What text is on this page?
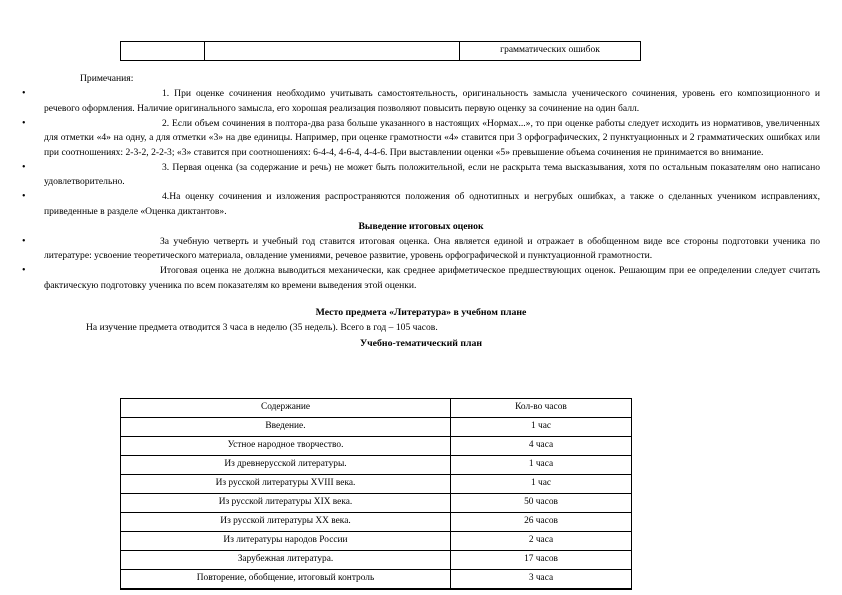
		грамматических ошибок

Примечания:

• 1. При оценке сочинения необходимо учитывать самостоятельность, оригинальность замысла ученического сочинения, уровень его композиционного и речевого оформления. Наличие оригинального замысла, его хорошая реализация позволяют повысить первую оценку за сочинение на один балл.
• 2. Если объем сочинения в полтора-два раза больше указанного в настоящих «Нормах...», то при оценке работы следует исходить из нормативов, увеличенных для отметки «4» на одну, а для отметки «3» на две единицы. Например, при оценке грамотности «4» ставится при 3 орфографических, 2 пунктуационных и 2 грамматических ошибках или при соотношениях: 2-3-2, 2-2-3; «3» ставится при соотношениях: 6-4-4, 4-6-4, 4-4-6. При выставлении оценки «5» превышение объема сочинения не принимается во внимание.
• 3. Первая оценка (за содержание и речь) не может быть положительной, если не раскрыта тема высказывания, хотя по остальным показателям оно написано удовлетворительно.
• 4.На оценку сочинения и изложения распространяются положения об однотипных и негрубых ошибках, а также о сделанных учеником исправлениях, приведенные в разделе «Оценка диктантов».
Выведение итоговых оценок
• За учебную четверть и учебный год ставится итоговая оценка. Она является единой и отражает в обобщенном виде все стороны подготовки ученика по литературе: усвоение теоретического материала, овладение умениями, речевое развитие, уровень орфографической и пунктуационной грамотности.
• Итоговая оценка не должна выводиться механически, как среднее арифметическое предшествующих оценок. Решающим при ее определении следует считать фактическую подготовку ученика по всем показателям ко времени выведения этой оценки.
Место предмета «Литература» в учебном плане

На изучение предмета отводится 3 часа в неделю (35 недель). Всего в год – 105 часов.

Учебно-тематический план
Содержание	Кол-во часов
Введение.	1 час
Устное народное творчество.	4 часа
Из древнерусской литературы.	1 часа
Из русской литературы XVIII века.	1 час
Из русской литературы XIX века.	50 часов
Из русской литературы XX века.	26 часов
Из литературы народов России	2 часа
Зарубежная литература.	17 часов
Повторение, обобщение, итоговый контроль	3 часа
